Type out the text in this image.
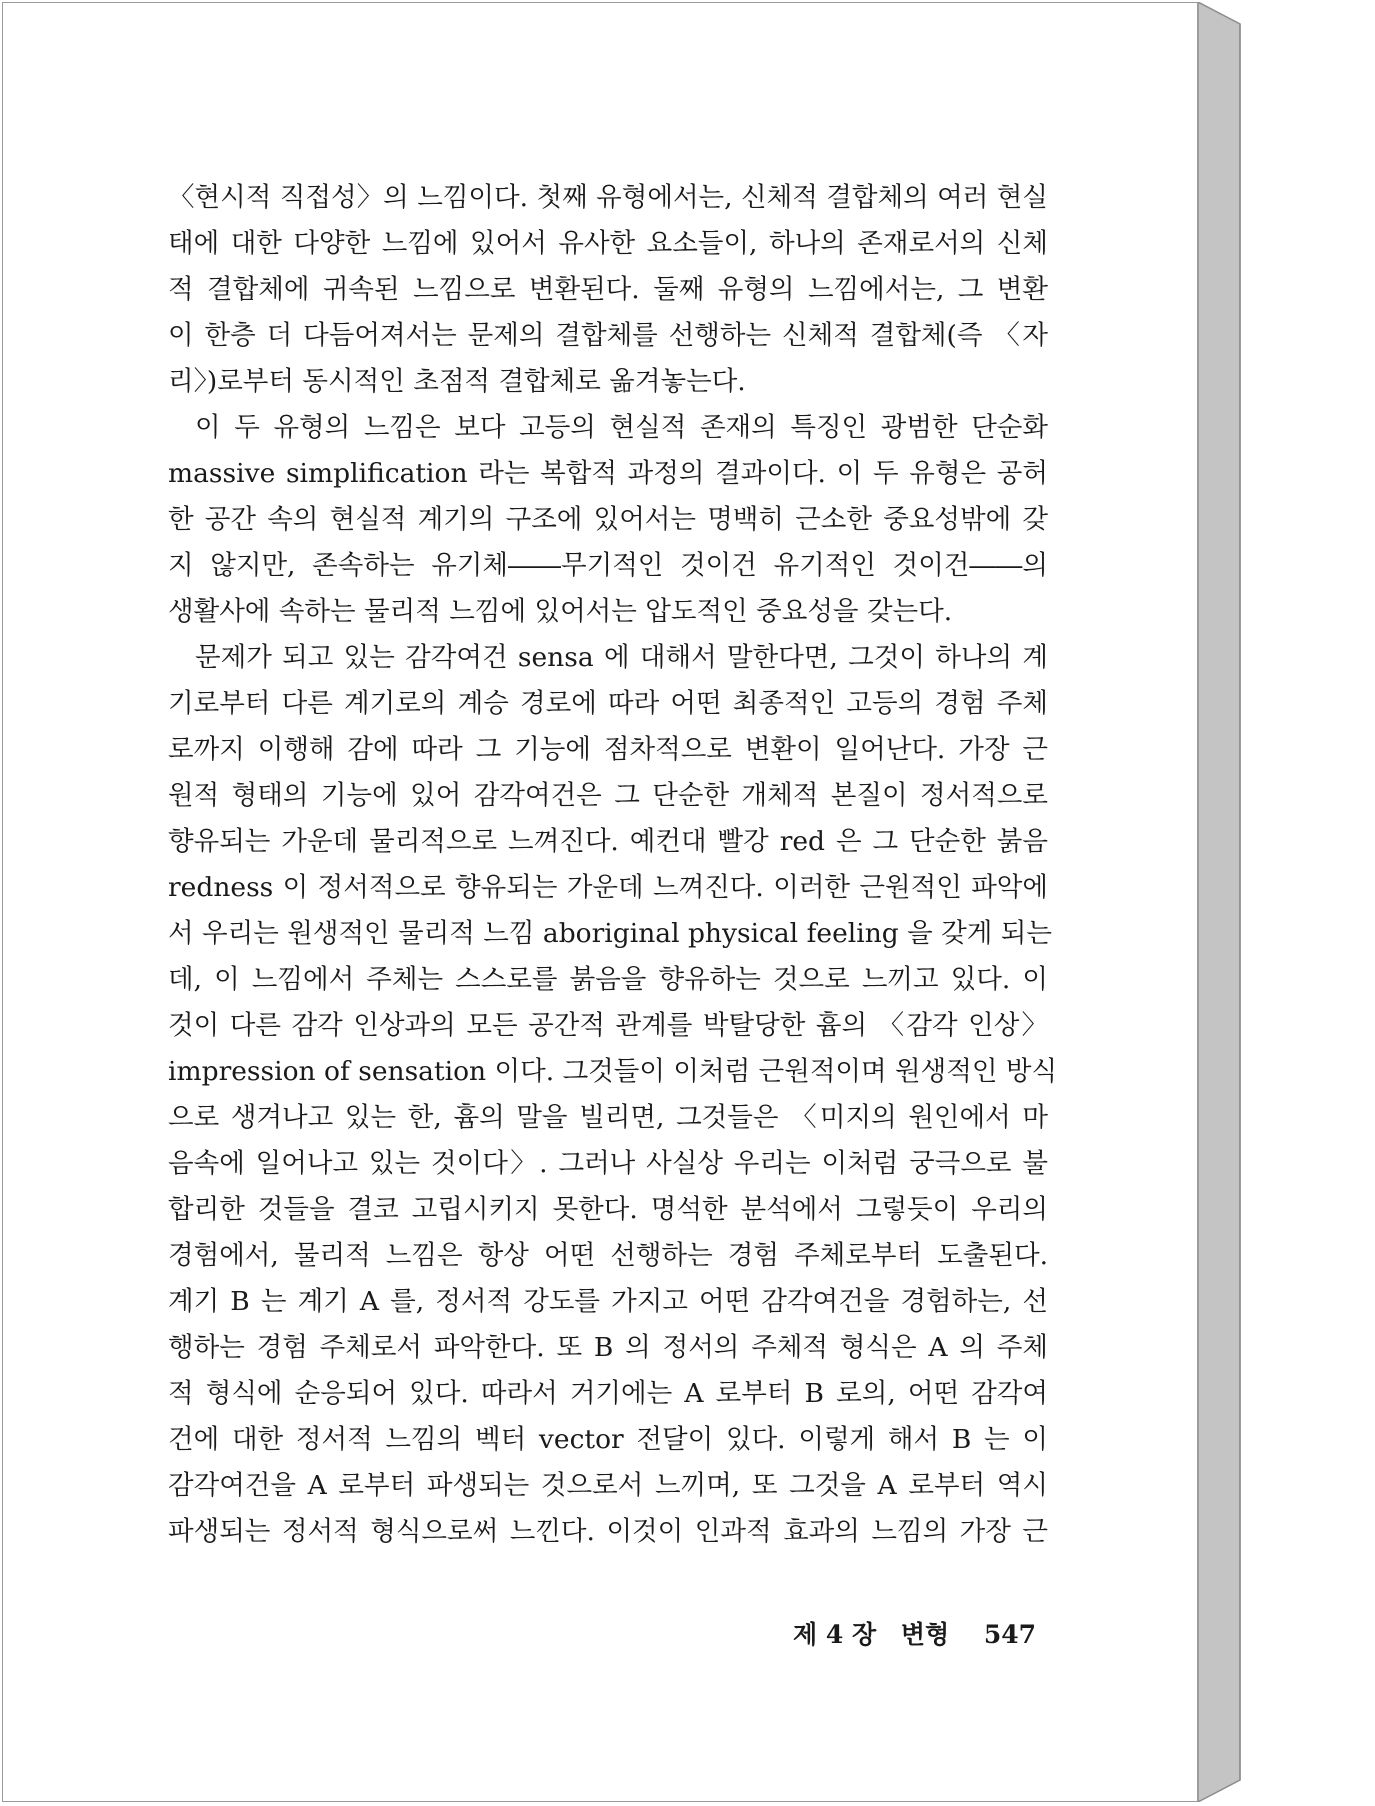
〈현시적 직접성〉의 느낌이다. 첫째 유형에서는, 신체적 결합체의 여러 현실
태에 대한 다양한 느낌에 있어서 유사한 요소들이, 하나의 존재로서의 신체
적 결합체에 귀속된 느낌으로 변환된다. 둘째 유형의 느낌에서는, 그 변환
이 한층 더 다듬어져서는 문제의 결합체를 선행하는 신체적 결합체(즉 〈자
리〉)로부터 동시적인 초점적 결합체로 옮겨놓는다.
이 두 유형의 느낌은 보다 고등의 현실적 존재의 특징인 광범한 단순화
massive simplification 라는 복합적 과정의 결과이다. 이 두 유형은 공허
한 공간 속의 현실적 계기의 구조에 있어서는 명백히 근소한 중요성밖에 갖
지 않지만, 존속하는 유기체――무기적인 것이건 유기적인 것이건――의
생활사에 속하는 물리적 느낌에 있어서는 압도적인 중요성을 갖는다.
문제가 되고 있는 감각여건 sensa 에 대해서 말한다면, 그것이 하나의 계
기로부터 다른 계기로의 계승 경로에 따라 어떤 최종적인 고등의 경험 주체
로까지 이행해 감에 따라 그 기능에 점차적으로 변환이 일어난다. 가장 근
원적 형태의 기능에 있어 감각여건은 그 단순한 개체적 본질이 정서적으로
향유되는 가운데 물리적으로 느껴진다. 예컨대 빨강 red 은 그 단순한 붉음
redness 이 정서적으로 향유되는 가운데 느껴진다. 이러한 근원적인 파악에
서 우리는 원생적인 물리적 느낌 aboriginal physical feeling 을 갖게 되는
데, 이 느낌에서 주체는 스스로를 붉음을 향유하는 것으로 느끼고 있다. 이
것이 다른 감각 인상과의 모든 공간적 관계를 박탈당한 흄의 〈감각 인상〉
impression of sensation 이다. 그것들이 이처럼 근원적이며 원생적인 방식
으로 생겨나고 있는 한, 흄의 말을 빌리면, 그것들은 〈미지의 원인에서 마
음속에 일어나고 있는 것이다〉. 그러나 사실상 우리는 이처럼 궁극으로 불
합리한 것들을 결코 고립시키지 못한다. 명석한 분석에서 그렇듯이 우리의
경험에서, 물리적 느낌은 항상 어떤 선행하는 경험 주체로부터 도출된다.
계기 B 는 계기 A 를, 정서적 강도를 가지고 어떤 감각여건을 경험하는, 선
행하는 경험 주체로서 파악한다. 또 B 의 정서의 주체적 형식은 A 의 주체
적 형식에 순응되어 있다. 따라서 거기에는 A 로부터 B 로의, 어떤 감각여
건에 대한 정서적 느낌의 벡터 vector 전달이 있다. 이렇게 해서 B 는 이
감각여건을 A 로부터 파생되는 것으로서 느끼며, 또 그것을 A 로부터 역시
파생되는 정서적 형식으로써 느낀다. 이것이 인과적 효과의 느낌의 가장 근
제 4 장 변형 547
